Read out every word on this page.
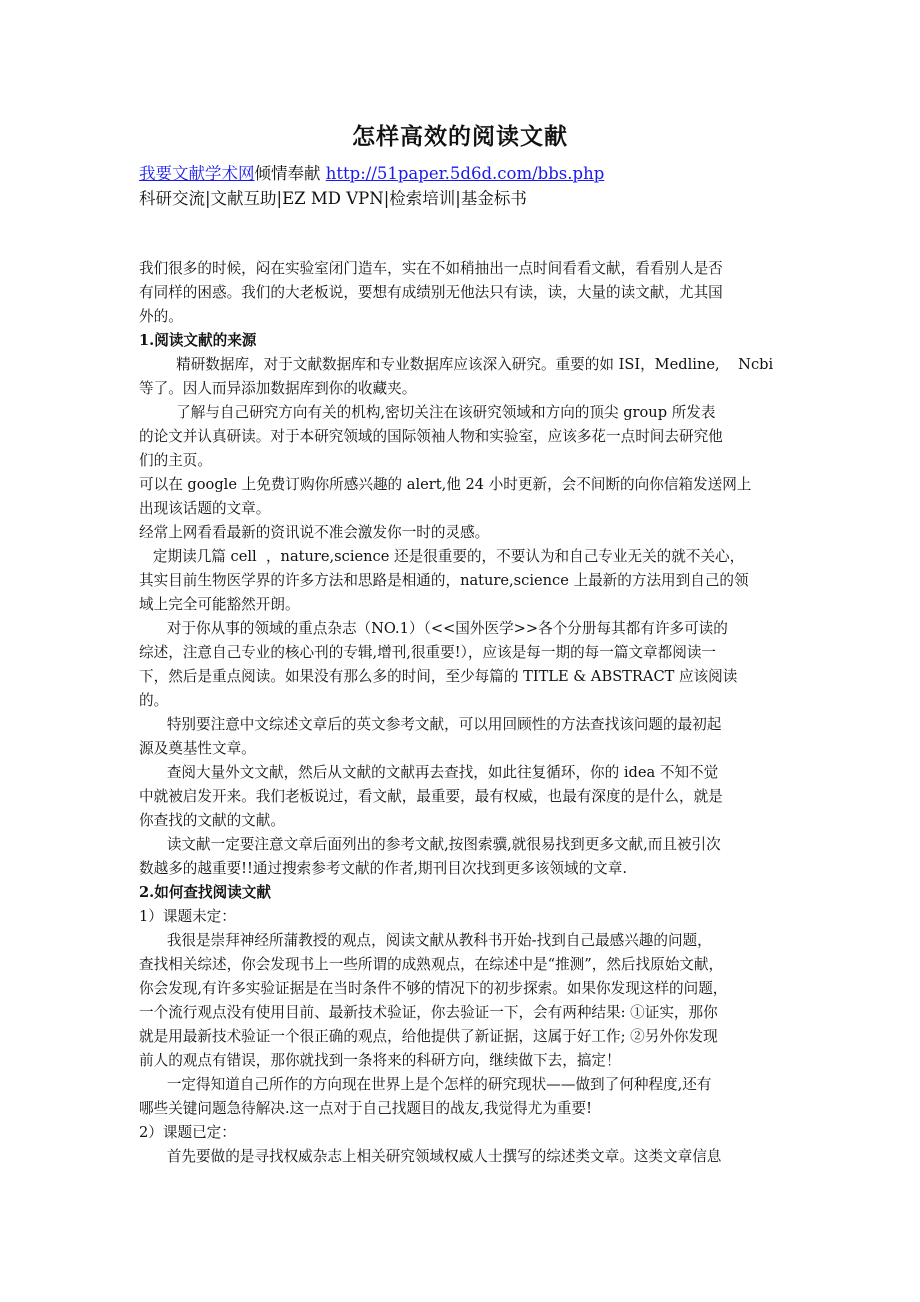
怎样高效的阅读文献
我要文献学术网倾情奉献 http://51paper.5d6d.com/bbs.php
科研交流|文献互助|EZ MD VPN|检索培训|基金标书
我们很多的时候，闷在实验室闭门造车，实在不如稍抽出一点时间看看文献，看看别人是否
有同样的困惑。我们的大老板说，要想有成绩别无他法只有读，读，大量的读文献，尤其国
外的。
1.阅读文献的来源
精研数据库，对于文献数据库和专业数据库应该深入研究。重要的如 ISI，Medline,    Ncbi
等了。因人而异添加数据库到你的收藏夹。
了解与自己研究方向有关的机构,密切关注在该研究领域和方向的顶尖 group 所发表
的论文并认真研读。对于本研究领域的国际领袖人物和实验室，应该多花一点时间去研究他
们的主页。
可以在 google 上免费订购你所感兴趣的 alert,他 24 小时更新，会不间断的向你信箱发送网上
出现该话题的文章。
经常上网看看最新的资讯说不准会激发你一时的灵感。
定期读几篇 cell  ，nature,science 还是很重要的，不要认为和自己专业无关的就不关心，
其实目前生物医学界的许多方法和思路是相通的，nature,science 上最新的方法用到自己的领
域上完全可能豁然开朗。
对于你从事的领域的重点杂志（NO.1）（<<国外医学>>各个分册每其都有许多可读的
综述，注意自己专业的核心刊的专辑,增刊,很重要!），应该是每一期的每一篇文章都阅读一
下，然后是重点阅读。如果没有那么多的时间，至少每篇的 TITLE & ABSTRACT 应该阅读
的。
特别要注意中文综述文章后的英文参考文献，可以用回顾性的方法查找该问题的最初起
源及奠基性文章。
查阅大量外文文献，然后从文献的文献再去查找，如此往复循环，你的 idea 不知不觉
中就被启发开来。我们老板说过，看文献，最重要，最有权威，也最有深度的是什么，就是
你查找的文献的文献。
读文献一定要注意文章后面列出的参考文献,按图索骥,就很易找到更多文献,而且被引次
数越多的越重要!!通过搜索参考文献的作者,期刊目次找到更多该领域的文章.
2.如何查找阅读文献
1）课题未定：
我很是崇拜神经所蒲教授的观点，阅读文献从教科书开始-找到自己最感兴趣的问题，
查找相关综述，你会发现书上一些所谓的成熟观点，在综述中是“推测”，然后找原始文献，
你会发现,有许多实验证据是在当时条件不够的情况下的初步探索。如果你发现这样的问题，
一个流行观点没有使用目前、最新技术验证，你去验证一下，会有两种结果: ①证实，那你
就是用最新技术验证一个很正确的观点，给他提供了新证据，这属于好工作; ②另外你发现
前人的观点有错误，那你就找到一条将来的科研方向，继续做下去，搞定！
一定得知道自己所作的方向现在世界上是个怎样的研究现状——做到了何种程度,还有
哪些关键问题急待解决.这一点对于自己找题目的战友,我觉得尤为重要!
2）课题已定：
首先要做的是寻找权威杂志上相关研究领域权威人士撰写的综述类文章。这类文章信息
